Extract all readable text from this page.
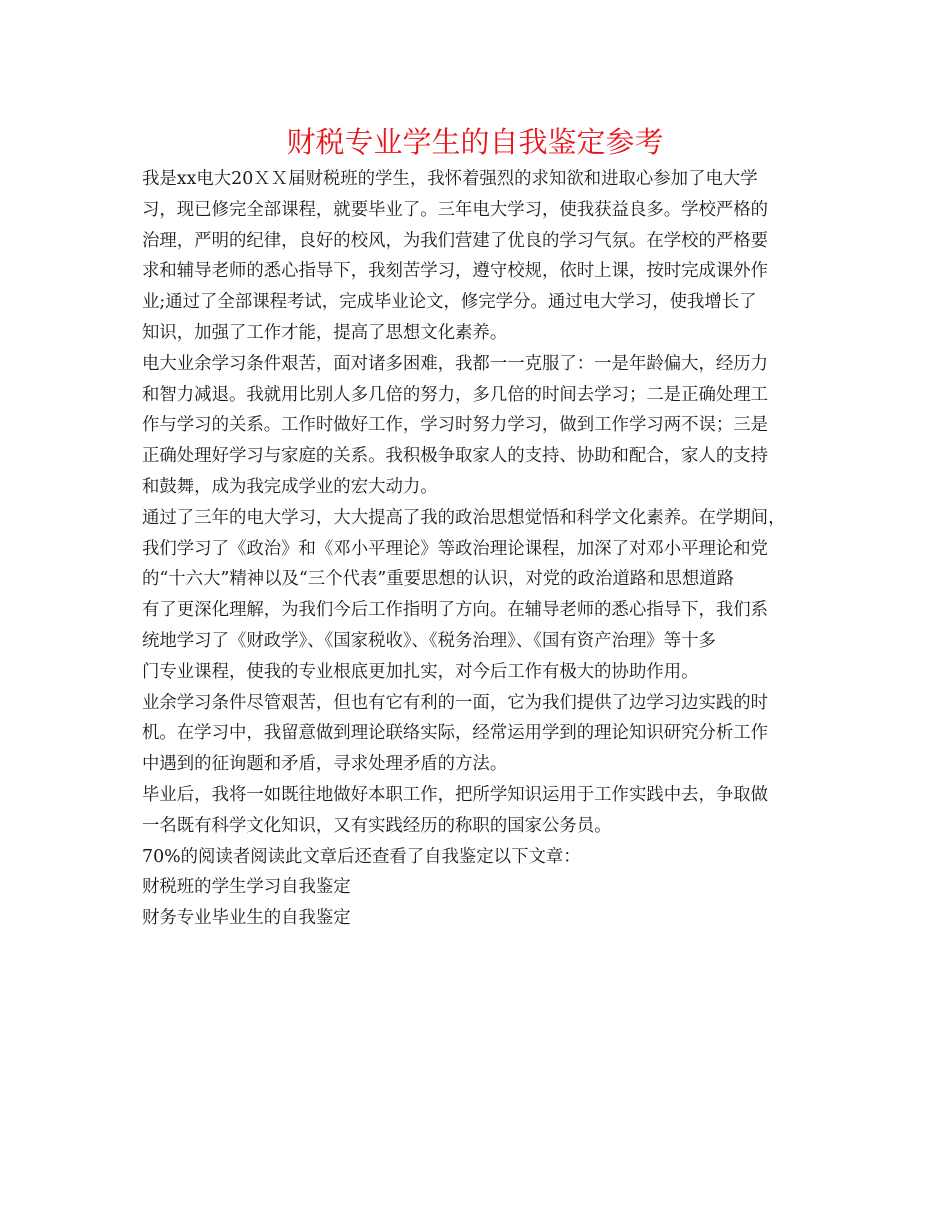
财税专业学生的自我鉴定参考

我是xx电大20ＸＸ届财税班的学生，我怀着强烈的求知欲和进取心参加了电大学
习，现已修完全部课程，就要毕业了。三年电大学习，使我获益良多。学校严格的
治理，严明的纪律，良好的校风，为我们营建了优良的学习气氛。在学校的严格要
求和辅导老师的悉心指导下，我刻苦学习，遵守校规，依时上课，按时完成课外作
业;通过了全部课程考试，完成毕业论文，修完学分。通过电大学习，使我增长了
知识，加强了工作才能，提高了思想文化素养。

电大业余学习条件艰苦，面对诸多困难，我都一一克服了：一是年龄偏大，经历力
和智力减退。我就用比别人多几倍的努力，多几倍的时间去学习；二是正确处理工
作与学习的关系。工作时做好工作，学习时努力学习，做到工作学习两不误；三是
正确处理好学习与家庭的关系。我积极争取家人的支持、协助和配合，家人的支持
和鼓舞，成为我完成学业的宏大动力。

通过了三年的电大学习，大大提高了我的政治思想觉悟和科学文化素养。在学期间，
我们学习了《政治》和《邓小平理论》等政治理论课程，加深了对邓小平理论和党
的“十六大”精神以及“三个代表”重要思想的认识，对党的政治道路和思想道路
有了更深化理解，为我们今后工作指明了方向。在辅导老师的悉心指导下，我们系
统地学习了《财政学》、《国家税收》、《税务治理》、《国有资产治理》等十多
门专业课程，使我的专业根底更加扎实，对今后工作有极大的协助作用。

业余学习条件尽管艰苦，但也有它有利的一面，它为我们提供了边学习边实践的时
机。在学习中，我留意做到理论联络实际，经常运用学到的理论知识研究分析工作
中遇到的征询题和矛盾，寻求处理矛盾的方法。

毕业后，我将一如既往地做好本职工作，把所学知识运用于工作实践中去，争取做
一名既有科学文化知识，又有实践经历的称职的国家公务员。

70%的阅读者阅读此文章后还查看了自我鉴定以下文章：

财税班的学生学习自我鉴定

财务专业毕业生的自我鉴定
